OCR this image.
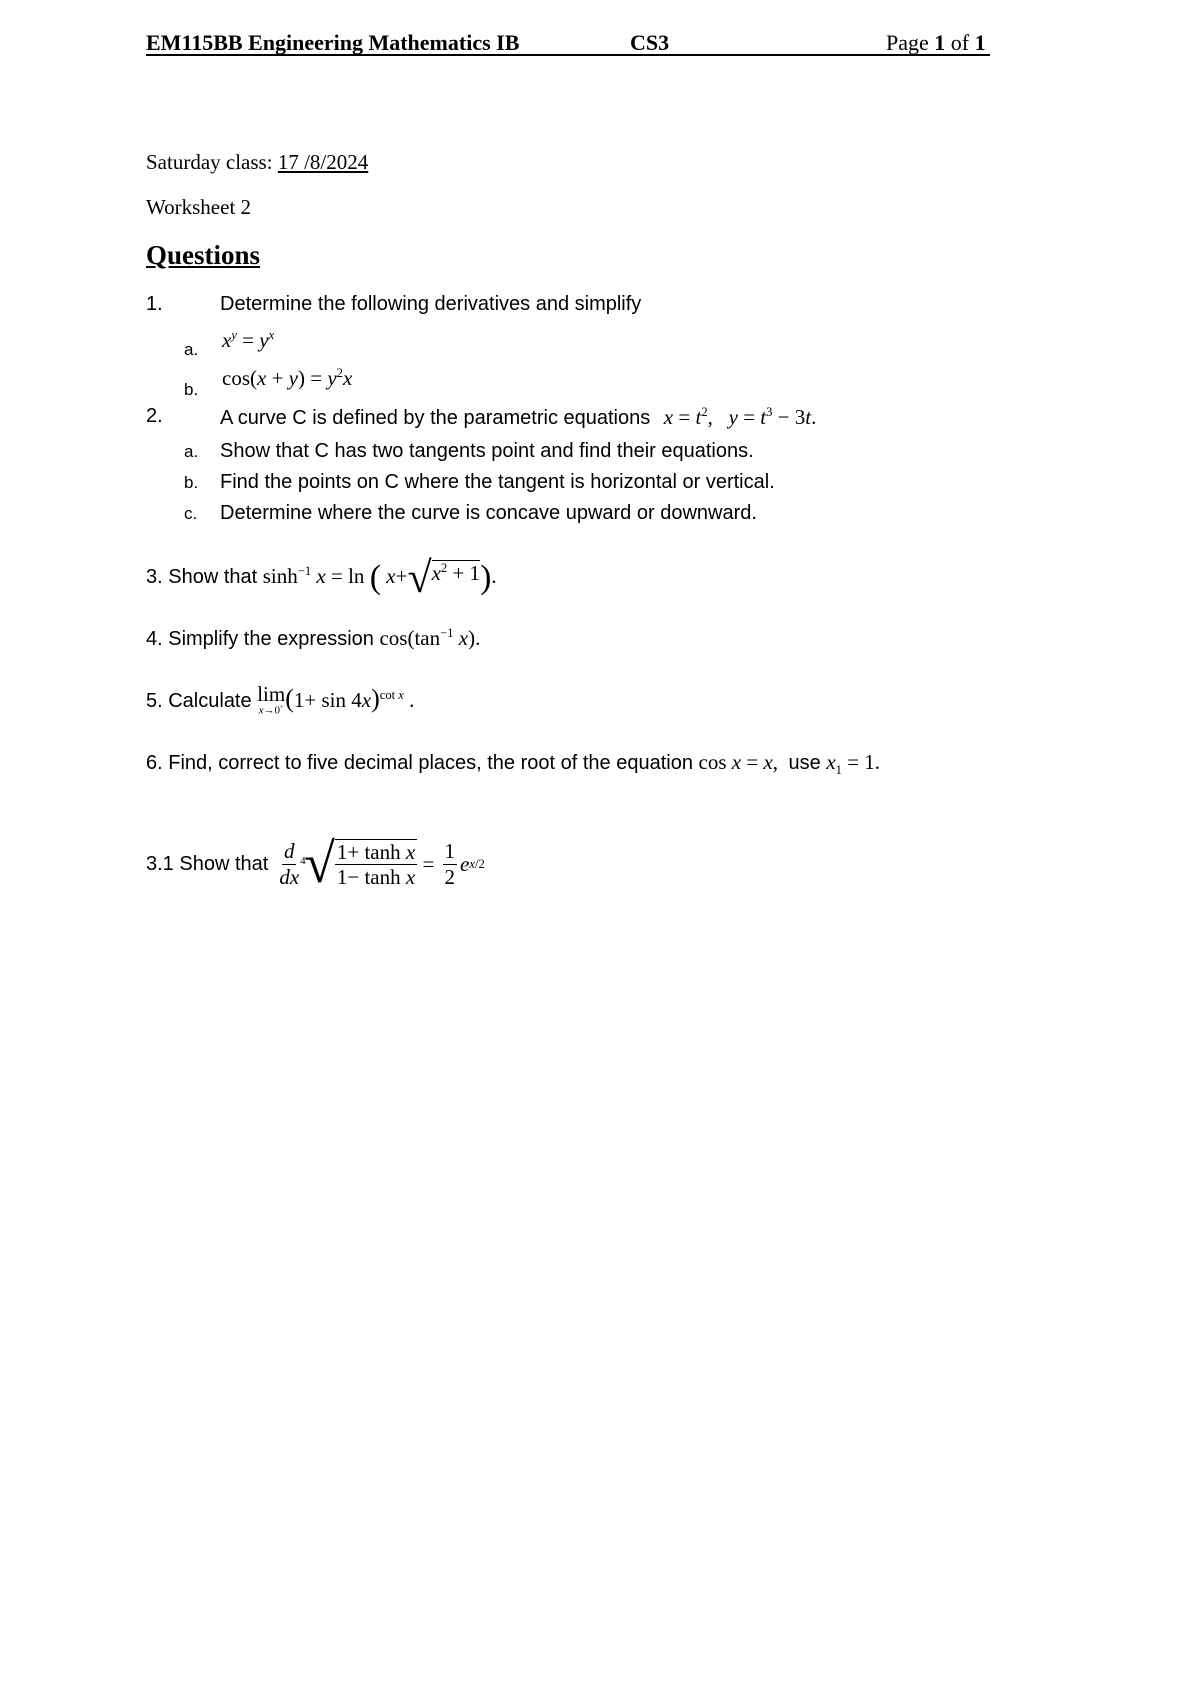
EM115BB Engineering Mathematics IB	CS3	Page 1 of 1
Saturday class: 17 /8/2024
Worksheet 2
Questions
1.	Determine the following derivatives and simplify
a. $x^y = y^x$
b. $\cos(x + y) = y^2x$
2.	A curve C is defined by the parametric equations $x = t^2$,   $y = t^3 - 3t$.
a. Show that C has two tangents point and find their equations.
b. Find the points on C where the tangent is horizontal or vertical.
c. Determine where the curve is concave upward or downward.
3. Show that $\sinh^{-1} x = \ln$ ( x+ √ $x^2 + 1$ ).
4. Simplify the expression $\cos(\tan^{-1}$ x).
5. Calculate lim
x→0+ $(1+ \sin 4x)^{cot x}$ .
6. Find, correct to five decimal places, the root of the equation cos x = x,  use $x_1 = 1$.
3.1 Show that $\frac{d}{dx} 4$
√ $\frac{\text{1+ tanh x}}{\text{1− tanh x}} = \frac{1}{2}$ e x/2
